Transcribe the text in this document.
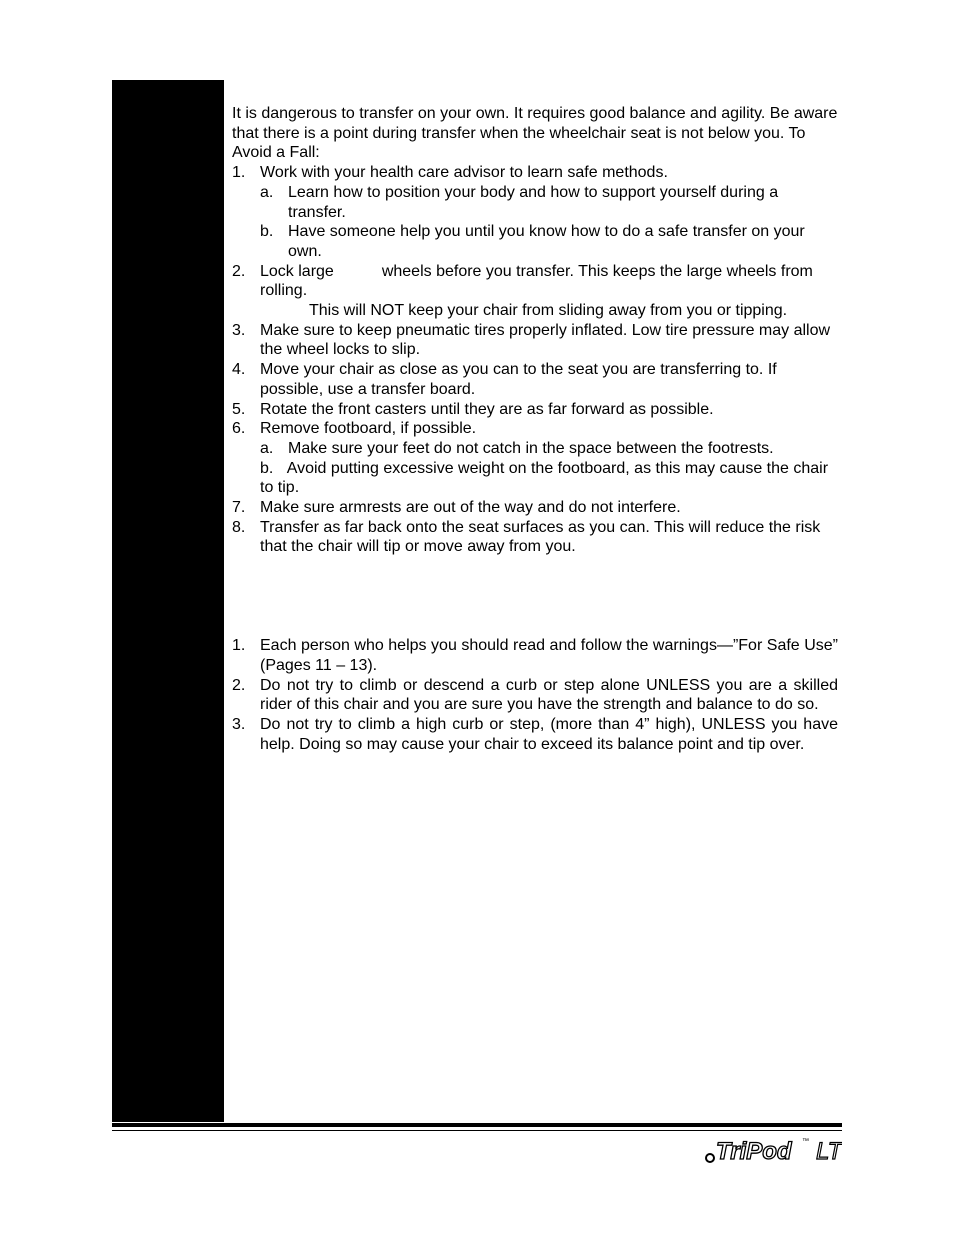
It is dangerous to transfer on your own. It requires good balance and agility. Be aware that there is a point during transfer when the wheelchair seat is not below you. To Avoid a Fall:

1. Work with your health care advisor to learn safe methods.
a. Learn how to position your body and how to support yourself during a transfer.
b. Have someone help you until you know how to do a safe transfer on your own.
2. Lock large	wheels before you transfer. This keeps the large wheels from rolling.
This will NOT keep your chair from sliding away from you or tipping.
3. Make sure to keep pneumatic tires properly inflated. Low tire pressure may allow the wheel locks to slip.
4. Move your chair as close as you can to the seat you are transferring to. If possible, use a transfer board.
5. Rotate the front casters until they are as far forward as possible.
6. Remove footboard, if possible.
a. Make sure your feet do not catch in the space between the footrests.
b. Avoid putting excessive weight on the footboard, as this may cause the chair to tip.
7. Make sure armrests are out of the way and do not interfere.
8. Transfer as far back onto the seat surfaces as you can. This will reduce the risk that the chair will tip or move away from you.
1. Each person who helps you should read and follow the warnings—”For Safe Use” (Pages 11 – 13).
2. Do not try to climb or descend a curb or step alone UNLESS you are a skilled rider of this chair and you are sure you have the strength and balance to do so.
3. Do not try to climb a high curb or step, (more than 4” high), UNLESS you have help. Doing so may cause your chair to exceed its balance point and tip over.
TriPod ™ LT
